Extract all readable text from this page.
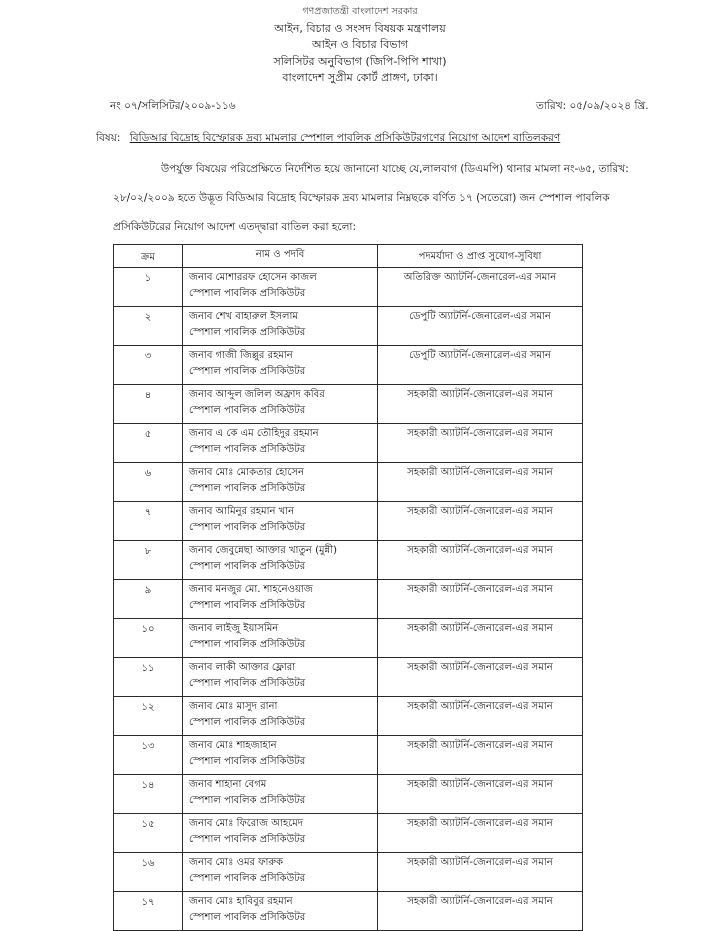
গণপ্রজাতন্ত্রী বাংলাদেশ সরকার
আইন, বিচার ও সংসদ বিষয়ক মন্ত্রণালয়
আইন ও বিচার বিভাগ
সলিসিটর অনুবিভাগ (জিপি-পিপি শাখা)
বাংলাদেশ সুপ্রীম কোর্ট প্রাঙ্গণ, ঢাকা।
নং ০৭/সলিসিটর/২০০৯-১১৬	তারিখ: ০৫/০৯/২০২৪ খ্রি.
বিষয়: বিডিআর বিদ্রোহ বিস্ফোরক দ্রব্য মামলার স্পেশাল পাবলিক প্রসিকিউটরগণের নিয়োগ আদেশ বাতিলকরণ
উপর্যুক্ত বিষয়ের পরিপ্রেক্ষিতে নির্দেশিত হয়ে জানানো যাচ্ছে যে,লালবাগ (ডিএমপি) থানার মামলা নং-৬৫, তারিখ:
২৮/০২/২০০৯ হতে উদ্ভূত বিডিআর বিদ্রোহ বিস্ফোরক দ্রব্য মামলার নিম্নছকে বর্ণিত ১৭ (সতেরো) জন স্পেশাল পাবলিক
প্রসিকিউটরের নিয়োগ আদেশ এতদ্দ্বারা বাতিল করা হলো:
ক্রম	নাম ও পদবি	পদমর্যাদা ও প্রাপ্ত সুযোগ-সুবিধা
১	জনাব মোশাররফ হোসেন কাজল
স্পেশাল পাবলিক প্রসিকিউটর	অতিরিক্ত অ্যাটর্নি-জেনারেল-এর সমান
২	জনাব শেখ বাহারুল ইসলাম
স্পেশাল পাবলিক প্রসিকিউটর	ডেপুটি অ্যাটর্নি-জেনারেল-এর সমান
৩	জনাব গাজী জিল্লুর রহমান
স্পেশাল পাবলিক প্রসিকিউটর	ডেপুটি অ্যাটর্নি-জেনারেল-এর সমান
৪	জনাব আব্দুল জলিল অফ্রাদ কবির
স্পেশাল পাবলিক প্রসিকিউটর	সহকারী অ্যাটর্নি-জেনারেল-এর সমান
৫	জনাব এ কে এম তৌহিদুর রহমান
স্পেশাল পাবলিক প্রসিকিউটর	সহকারী অ্যাটর্নি-জেনারেল-এর সমান
৬	জনাব মোঃ মোকতার হোসেন
স্পেশাল পাবলিক প্রসিকিউটর	সহকারী অ্যাটর্নি-জেনারেল-এর সমান
৭	জনাব আমিনুর রহমান খান
স্পেশাল পাবলিক প্রসিকিউটর	সহকারী অ্যাটর্নি-জেনারেল-এর সমান
৮	জনাব জেবুন্নেছা আক্তার খাতুন (মুন্নী)
স্পেশাল পাবলিক প্রসিকিউটর	সহকারী অ্যাটর্নি-জেনারেল-এর সমান
৯	জনাব মনজুর মো. শাহনেওয়াজ
স্পেশাল পাবলিক প্রসিকিউটর	সহকারী অ্যাটর্নি-জেনারেল-এর সমান
১০	জনাব লাইজু ইয়াসমিন
স্পেশাল পাবলিক প্রসিকিউটর	সহকারী অ্যাটর্নি-জেনারেল-এর সমান
১১	জনাব লাকী আক্তার ফ্লোরা
স্পেশাল পাবলিক প্রসিকিউটর	সহকারী অ্যাটর্নি-জেনারেল-এর সমান
১২	জনাব মোঃ মাসুদ রানা
স্পেশাল পাবলিক প্রসিকিউটর	সহকারী অ্যাটর্নি-জেনারেল-এর সমান
১৩	জনাব মোঃ শাহজাহান
স্পেশাল পাবলিক প্রসিকিউটর	সহকারী অ্যাটর্নি-জেনারেল-এর সমান
১৪	জনাব শাহানা বেগম
স্পেশাল পাবলিক প্রসিকিউটর	সহকারী অ্যাটর্নি-জেনারেল-এর সমান
১৫	জনাব মোঃ ফিরোজ আহমেদ
স্পেশাল পাবলিক প্রসিকিউটর	সহকারী অ্যাটর্নি-জেনারেল-এর সমান
১৬	জনাব মোঃ ওমর ফারুক
স্পেশাল পাবলিক প্রসিকিউটর	সহকারী অ্যাটর্নি-জেনারেল-এর সমান
১৭	জনাব মোঃ হাবিবুর রহমান
স্পেশাল পাবলিক প্রসিকিউটর	সহকারী অ্যাটর্নি-জেনারেল-এর সমান
